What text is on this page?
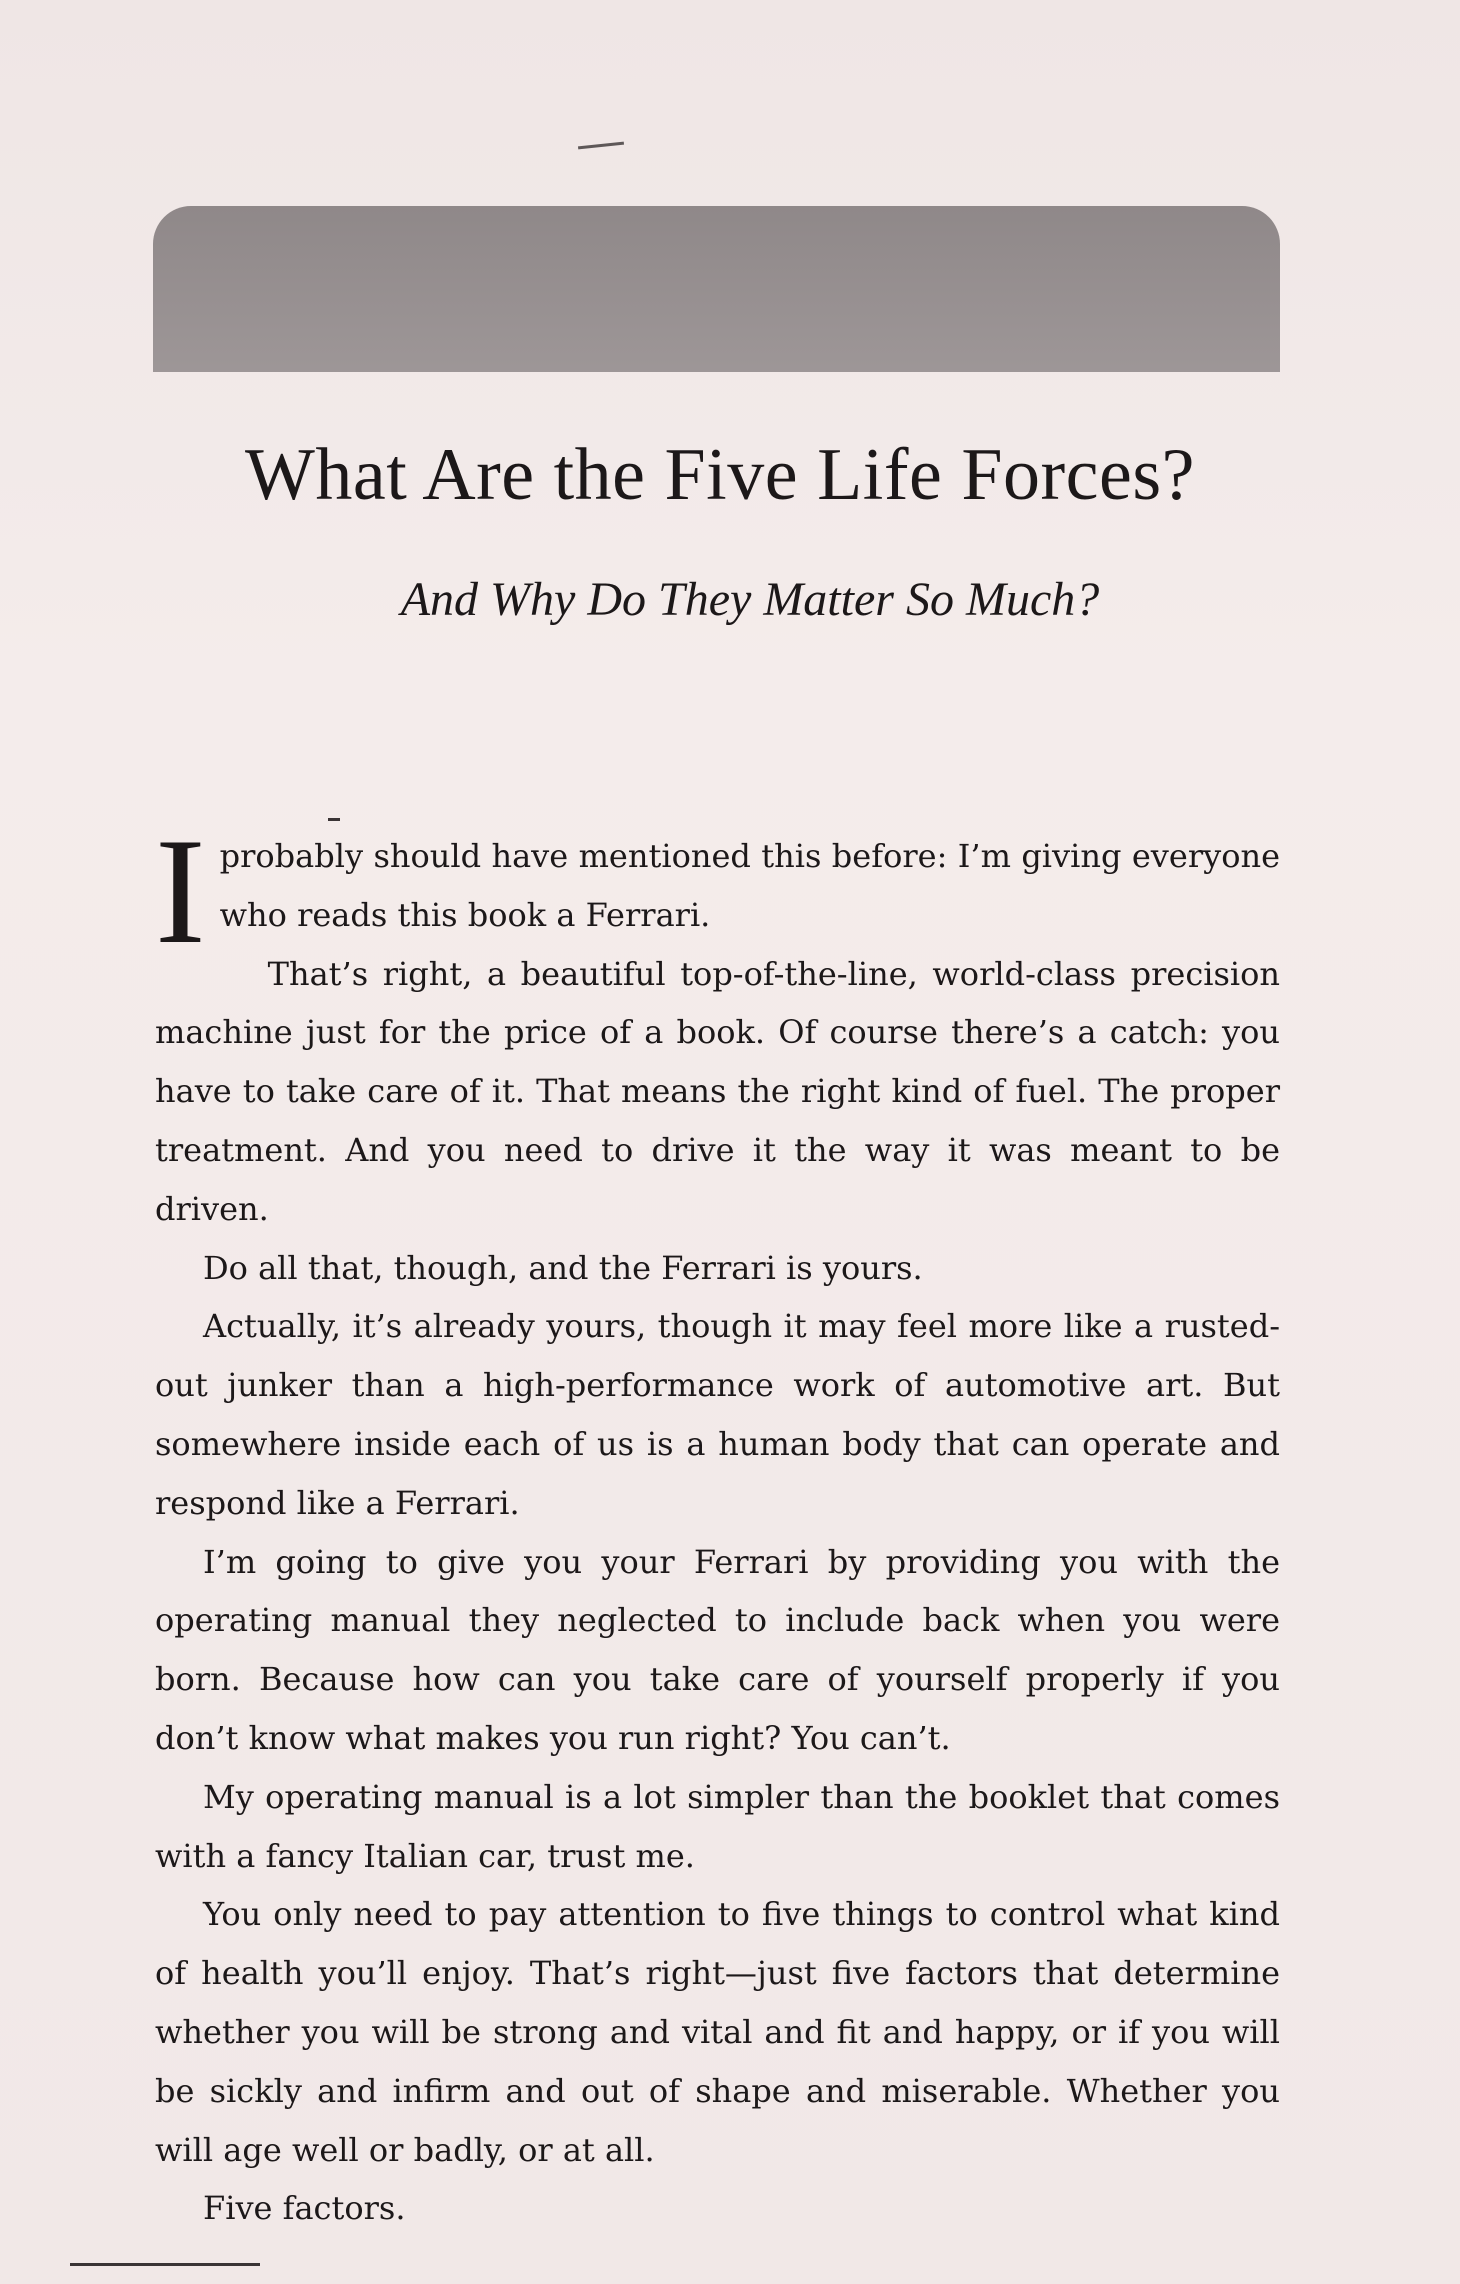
What Are the Five Life Forces?
And Why Do They Matter So Much?

Iprobably should have mentioned this before: I’m giving everyone who reads this book a Ferrari.

That’s right, a beautiful top-of-the-line, world-class precision machine just for the price of a book. Of course there’s a catch: you have to take care of it. That means the right kind of fuel. The proper treatment. And you need to drive it the way it was meant to be driven.

Do all that, though, and the Ferrari is yours.

Actually, it’s already yours, though it may feel more like a rusted-out junker than a high-performance work of automotive art. But somewhere inside each of us is a human body that can operate and respond like a Ferrari.

I’m going to give you your Ferrari by providing you with the operating manual they neglected to include back when you were born. Because how can you take care of yourself properly if you don’t know what makes you run right? You can’t.

My operating manual is a lot simpler than the booklet that comes with a fancy Italian car, trust me.

You only need to pay attention to five things to control what kind of health you’ll enjoy. That’s right—just five factors that determine whether you will be strong and vital and fit and happy, or if you will be sickly and infirm and out of shape and miserable. Whether you will age well or badly, or at all.

Five factors.
